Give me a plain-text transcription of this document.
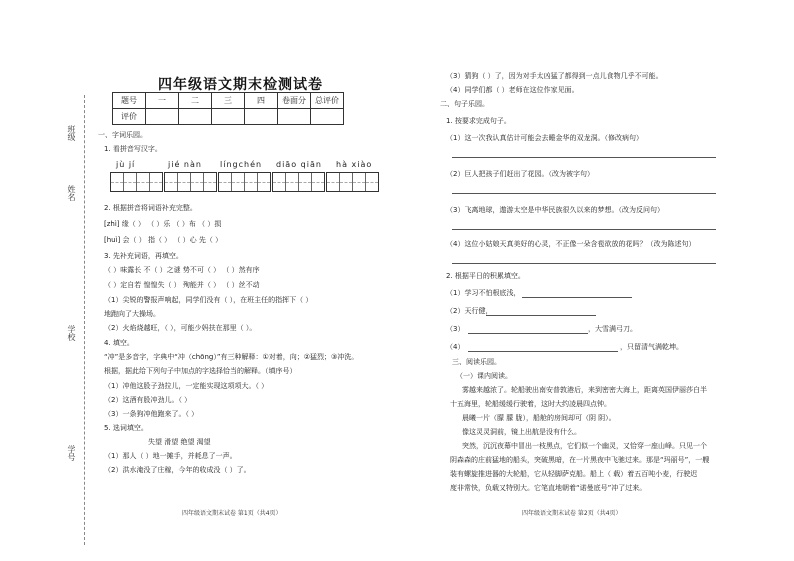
班级
姓名
学校
学号
四年级语文期末检测试卷
题号	一	二	三	四	卷面分	总评价
评价						
一、字词乐园。
1. 看拼音写汉字。
jù jí	jié nàn língchén diāo qiān hà xiào
2. 根据拼音将词语补充完整。
[zhì] 缘（ ） （ ）乐 （ ）布 （ ）损
[huì] 会（ ） 指（ ） （ ）心 先（ ）
3. 先补充词语，再填空。
（ ）味露长 不（ ）之谜 势不可（ ） （ ）然有序
（ ）定自若 惶惶失（ ） 殉能并（ ） （ ）丝不动
（1）尖锐的警报声响起，同学们没有（ ），在班主任的指挥下（ ）
地跑向了大操场。
（2）火焰烧越旺，（ ），可能少妈扶在那里（ ）。
4. 填空。
“冲”是多音字，字典中“冲（chōng）”有三种解释：①对着，向；②猛烈；③冲洗。
根据，据此给下列句子中加点的字选择恰当的解释。（填序号）
（1）冲他这股子劲拉儿，一定能实现这项项大。（ ）
（2）这酒有股冲劲儿。（ ）
（3）一条狗冲他跑来了。（ ）
5. 选词填空。
失望 滑望 绝望 渴望
（1）那人（ ）地一摊手，并耗息了一声。
（2）洪水淹没了庄稼，今年的收成没（ ）了。
四年级语文期末试卷 第1页（共4页）
（3）猜狗（ ）了，因为对手太凶猛了都得到一点儿食物几乎不可能。
（4）同学们都（ ）老师在这位作家见面。
二、句子乐园。
1. 按要求完成句子。
（1）这一次我认真估计可能会去睡金华的双龙洞。（修改病句）
（2）巨人把孩子们赶出了花园。（改为被字句）
（3）飞离地球，遨游太空是中华民族很久以来的梦想。（改为反问句）
（4）这位小姑娘天真美好的心灵，不正像一朵含苞欲放的花吗？（改为陈述句）
2. 根据平日的积累填空。
（1）学习不怕根底浅，
（2）天行健，
（3）	，大雪满弓刀。
（4）	，只留清气满乾坤。
三、阅读乐园。
（一）课内阅读。
雾越来越浓了。轮船驶出南安普敦港后，来到密密大海上，距离英国伊丽莎白半
十五海里，轮船缓缓行驶着，这时大约凌晨四点钟。
晨曦一片（朦 朦 胧），船舱的房间却可（阴 阴）。
像这灵灵洞前，镜上出航是没有什么。
突然，沉沉夜幕中冒出一枝黑点，它们似一个幽灵，又恰穿一座山峰。只见一个
阴森森的庄前猛地的船头，突破黑暗，在一片黑夜中飞驰过来。那是“玛丽号”，一艘
装有螺旋推进器的大轮船，它从轻脚萨克船。船上（ 载）着五百吨小麦，行驶迟
度非常快，负载又特别大。它笔直地朝着“诺曼底号”冲了过来。
四年级语文期末试卷 第2页（共4页）
